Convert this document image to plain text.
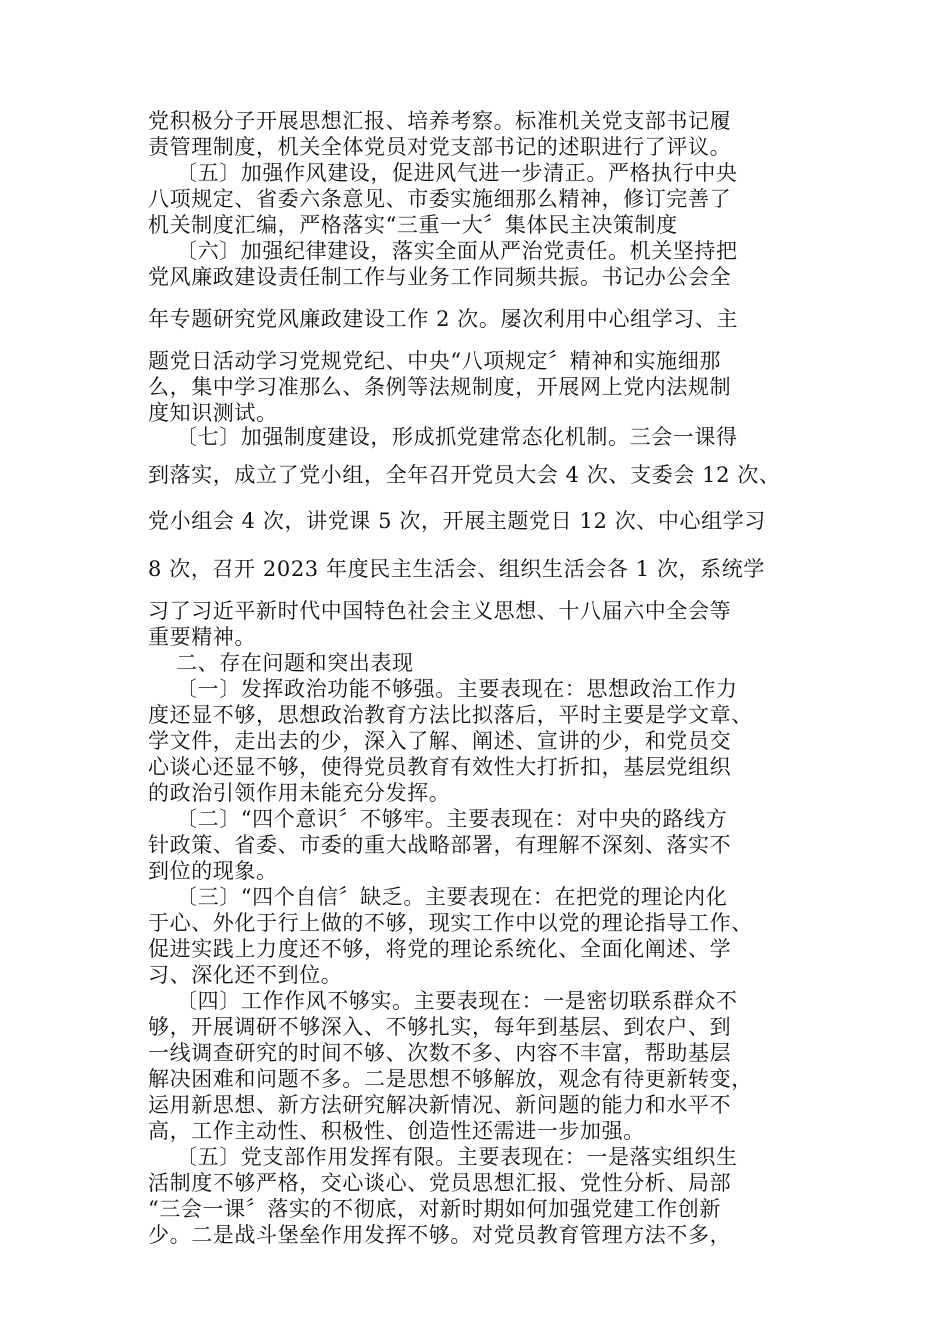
党积极分子开展思想汇报、培养考察。标准机关党支部书记履
责管理制度，机关全体党员对党支部书记的述职进行了评议。
〔五〕加强作风建设，促进风气进一步清正。严格执行中央
八项规定、省委六条意见、市委实施细那么精神，修订完善了
机关制度汇编，严格落实“三重一大〞集体民主决策制度
〔六〕加强纪律建设，落实全面从严治党责任。机关坚持把
党风廉政建设责任制工作与业务工作同频共振。书记办公会全
年专题研究党风廉政建设工作 2 次。屡次利用中心组学习、主
题党日活动学习党规党纪、中央“八项规定〞精神和实施细那
么，集中学习准那么、条例等法规制度，开展网上党内法规制
度知识测试。
〔七〕加强制度建设，形成抓党建常态化机制。三会一课得
到落实，成立了党小组，全年召开党员大会 4 次、支委会 12 次、
党小组会 4 次，讲党课 5 次，开展主题党日 12 次、中心组学习
8 次，召开 2023 年度民主生活会、组织生活会各 1 次，系统学
习了习近平新时代中国特色社会主义思想、十八届六中全会等
重要精神。
二、存在问题和突出表现
〔一〕发挥政治功能不够强。主要表现在：思想政治工作力
度还显不够，思想政治教育方法比拟落后，平时主要是学文章、
学文件，走出去的少，深入了解、阐述、宣讲的少，和党员交
心谈心还显不够，使得党员教育有效性大打折扣，基层党组织
的政治引领作用未能充分发挥。
〔二〕“四个意识〞不够牢。主要表现在：对中央的路线方
针政策、省委、市委的重大战略部署，有理解不深刻、落实不
到位的现象。
〔三〕“四个自信〞缺乏。主要表现在：在把党的理论内化
于心、外化于行上做的不够，现实工作中以党的理论指导工作、
促进实践上力度还不够，将党的理论系统化、全面化阐述、学
习、深化还不到位。
〔四〕工作作风不够实。主要表现在：一是密切联系群众不
够，开展调研不够深入、不够扎实，每年到基层、到农户、到
一线调查研究的时间不够、次数不多、内容不丰富，帮助基层
解决困难和问题不多。二是思想不够解放，观念有待更新转变，
运用新思想、新方法研究解决新情况、新问题的能力和水平不
高，工作主动性、积极性、创造性还需进一步加强。
〔五〕党支部作用发挥有限。主要表现在：一是落实组织生
活制度不够严格，交心谈心、党员思想汇报、党性分析、局部
“三会一课〞落实的不彻底，对新时期如何加强党建工作创新
少。二是战斗堡垒作用发挥不够。对党员教育管理方法不多，
